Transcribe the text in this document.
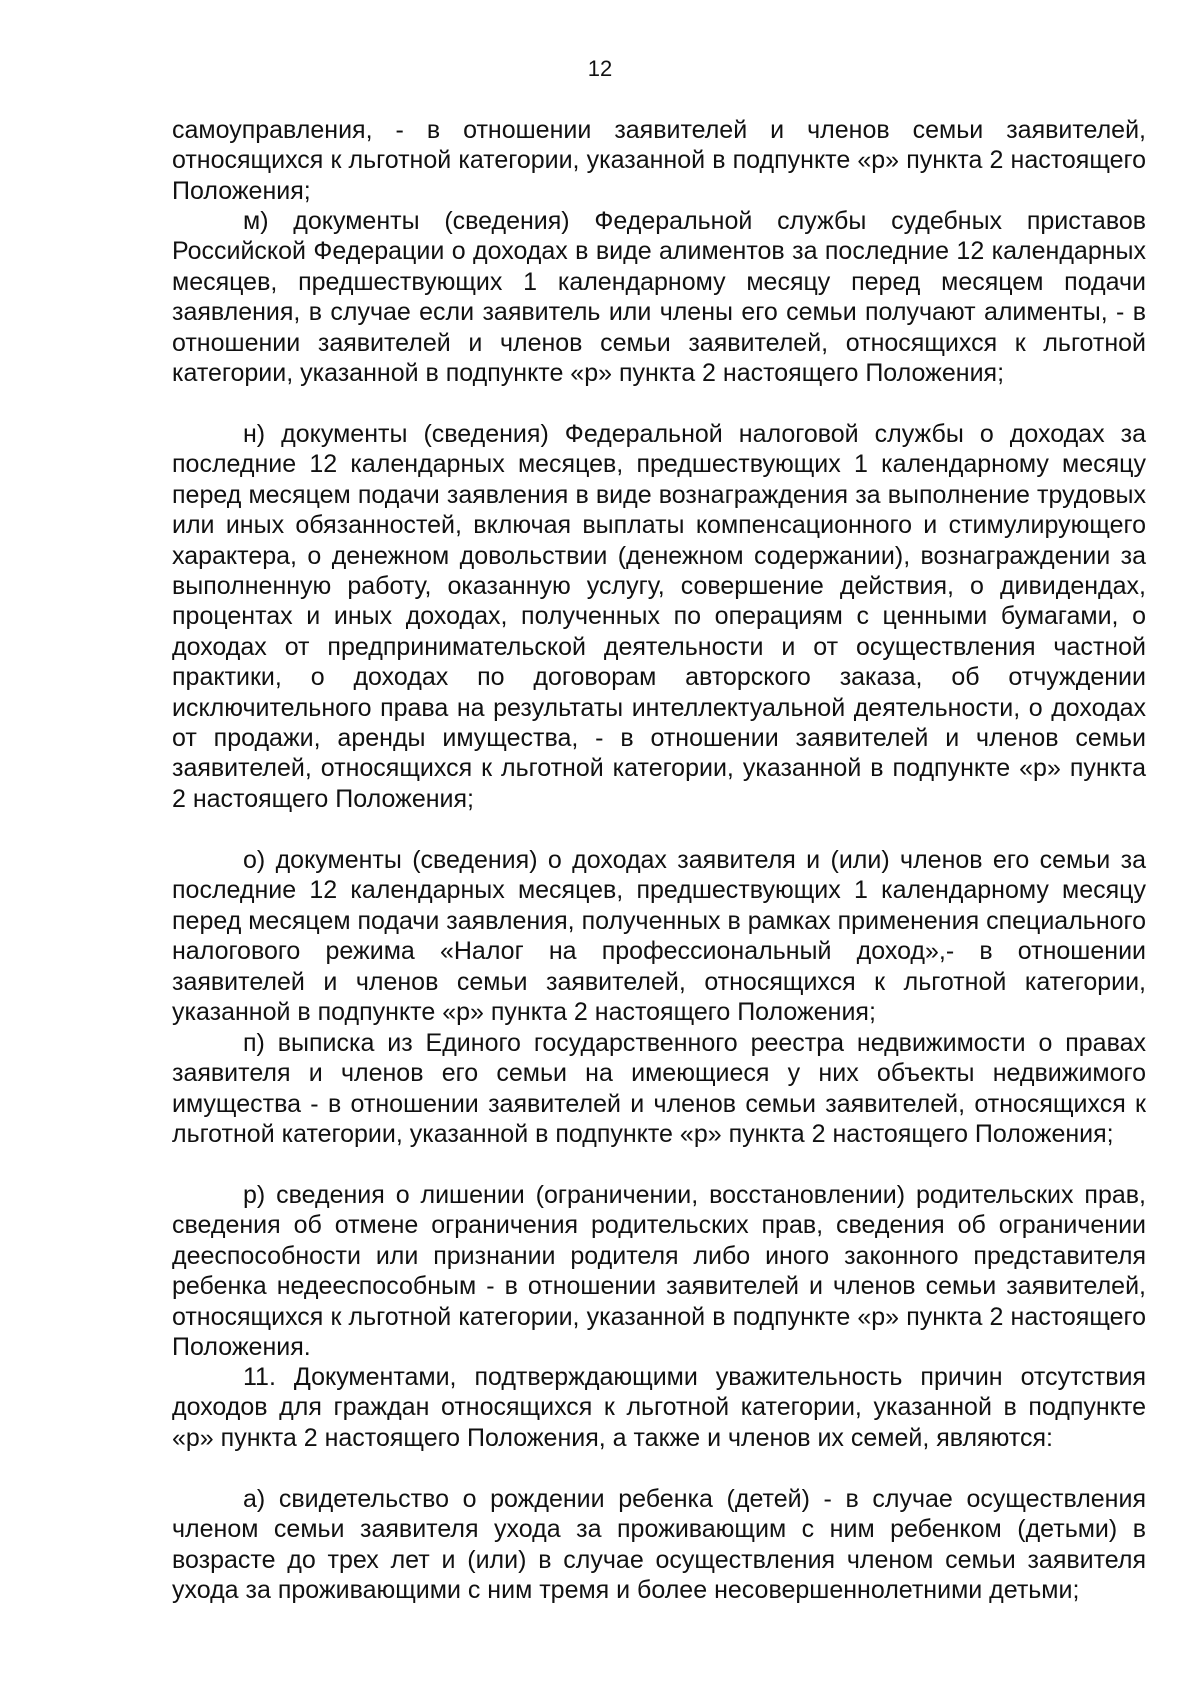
12
самоуправления, - в отношении заявителей и членов семьи заявителей, относящихся к льготной категории, указанной в подпункте «р» пункта 2 настоящего Положения;
м) документы (сведения) Федеральной службы судебных приставов Российской Федерации о доходах в виде алиментов за последние 12 календарных месяцев, предшествующих 1 календарному месяцу перед месяцем подачи заявления, в случае если заявитель или члены его семьи получают алименты, - в отношении заявителей и членов семьи заявителей, относящихся к льготной категории, указанной в подпункте «р» пункта 2 настоящего Положения;
н) документы (сведения) Федеральной налоговой службы о доходах за последние 12 календарных месяцев, предшествующих 1 календарному месяцу перед месяцем подачи заявления в виде вознаграждения за выполнение трудовых или иных обязанностей, включая выплаты компенсационного и стимулирующего характера, о денежном довольствии (денежном содержании), вознаграждении за выполненную работу, оказанную услугу, совершение действия, о дивидендах, процентах и иных доходах, полученных по операциям с ценными бумагами, о доходах от предпринимательской деятельности и от осуществления частной практики, о доходах по договорам авторского заказа, об отчуждении исключительного права на результаты интеллектуальной деятельности, о доходах от продажи, аренды имущества, - в отношении заявителей и членов семьи заявителей, относящихся к льготной категории, указанной в подпункте «р» пункта 2 настоящего Положения;
о) документы (сведения) о доходах заявителя и (или) членов его семьи за последние 12 календарных месяцев, предшествующих 1 календарному месяцу перед месяцем подачи заявления, полученных в рамках применения специального налогового режима «Налог на профессиональный доход»,- в отношении заявителей и членов семьи заявителей, относящихся к льготной категории, указанной в подпункте «р» пункта 2 настоящего Положения;
п) выписка из Единого государственного реестра недвижимости о правах заявителя и членов его семьи на имеющиеся у них объекты недвижимого имущества - в отношении заявителей и членов семьи заявителей, относящихся к льготной категории, указанной в подпункте «р» пункта 2 настоящего Положения;
р) сведения о лишении (ограничении, восстановлении) родительских прав, сведения об отмене ограничения родительских прав, сведения об ограничении дееспособности или признании родителя либо иного законного представителя ребенка недееспособным - в отношении заявителей и членов семьи заявителей, относящихся к льготной категории, указанной в подпункте «р» пункта 2 настоящего Положения.
11. Документами, подтверждающими уважительность причин отсутствия доходов для граждан относящихся к льготной категории, указанной в подпункте «р» пункта 2 настоящего Положения, а также и членов их семей, являются:
а) свидетельство о рождении ребенка (детей) - в случае осуществления членом семьи заявителя ухода за проживающим с ним ребенком (детьми) в возрасте до трех лет и (или) в случае осуществления членом семьи заявителя ухода за проживающими с ним тремя и более несовершеннолетними детьми;
